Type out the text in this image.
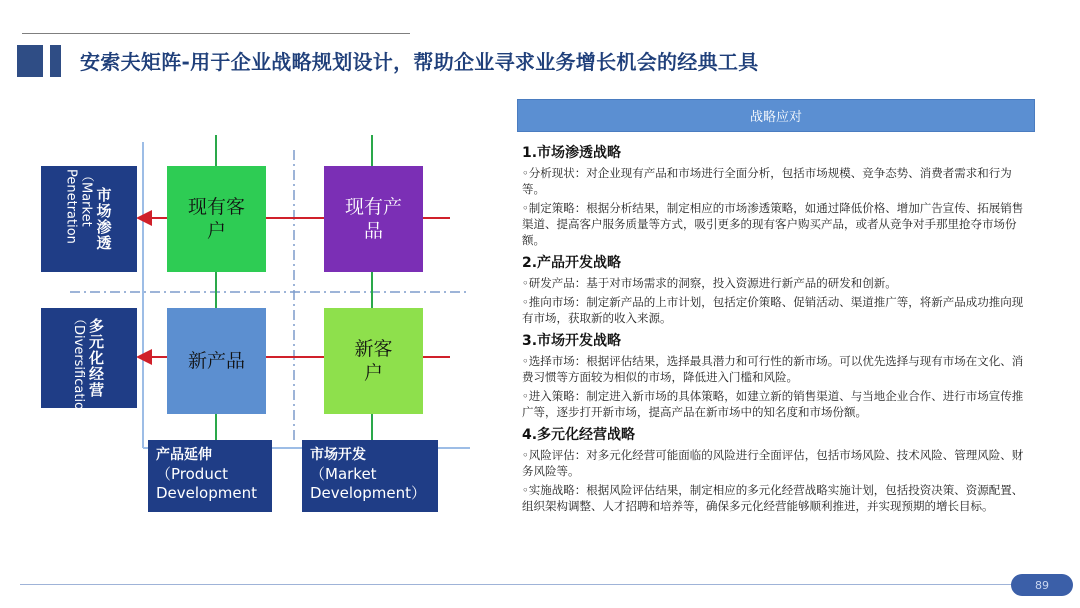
安索夫矩阵-用于企业战略规划设计，帮助企业寻求业务增长机会的经典工具
现有客户
现有产品
新产品
新客户
市场渗透
（Market Penetration
多元化经营
（Diversification）
产品延伸
（Product Development
市场开发
（Market Development）
战略应对
1.市场渗透战略

◦分析现状：对企业现有产品和市场进行全面分析，包括市场规模、竞争态势、消费者需求和行为等。

◦制定策略：根据分析结果，制定相应的市场渗透策略，如通过降低价格、增加广告宣传、拓展销售渠道、提高客户服务质量等方式，吸引更多的现有客户购买产品，或者从竞争对手那里抢夺市场份额。

2.产品开发战略

◦研发产品：基于对市场需求的洞察，投入资源进行新产品的研发和创新。

◦推向市场：制定新产品的上市计划，包括定价策略、促销活动、渠道推广等，将新产品成功推向现有市场，获取新的收入来源。

3.市场开发战略

◦选择市场：根据评估结果，选择最具潜力和可行性的新市场。可以优先选择与现有市场在文化、消费习惯等方面较为相似的市场，降低进入门槛和风险。

◦进入策略：制定进入新市场的具体策略，如建立新的销售渠道、与当地企业合作、进行市场宣传推广等，逐步打开新市场，提高产品在新市场中的知名度和市场份额。

4.多元化经营战略

◦风险评估：对多元化经营可能面临的风险进行全面评估，包括市场风险、技术风险、管理风险、财务风险等。

◦实施战略：根据风险评估结果，制定相应的多元化经营战略实施计划，包括投资决策、资源配置、组织架构调整、人才招聘和培养等，确保多元化经营能够顺利推进，并实现预期的增长目标。

89
